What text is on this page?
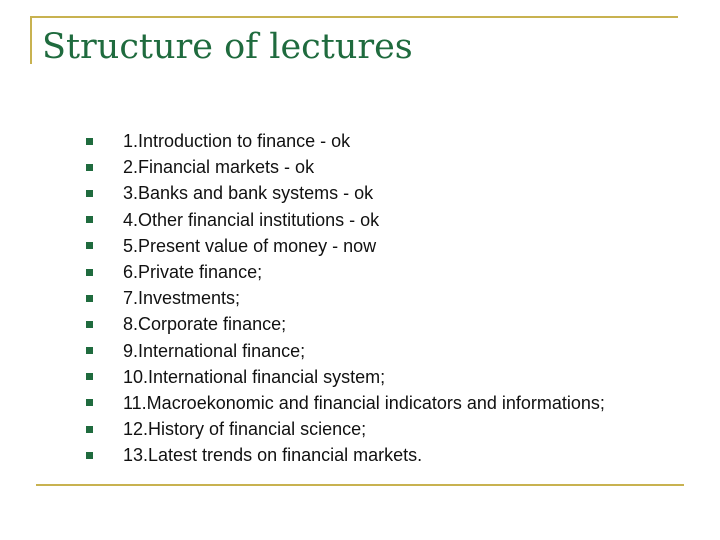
Structure of lectures
1.Introduction to finance - ok
2.Financial markets - ok
3.Banks and bank systems - ok
4.Other financial institutions - ok
5.Present value of money - now
6.Private finance;
7.Investments;
8.Corporate finance;
9.International finance;
10.International financial system;
11.Macroekonomic and financial indicators and informations;
12.History of financial science;
13.Latest trends on financial markets.
